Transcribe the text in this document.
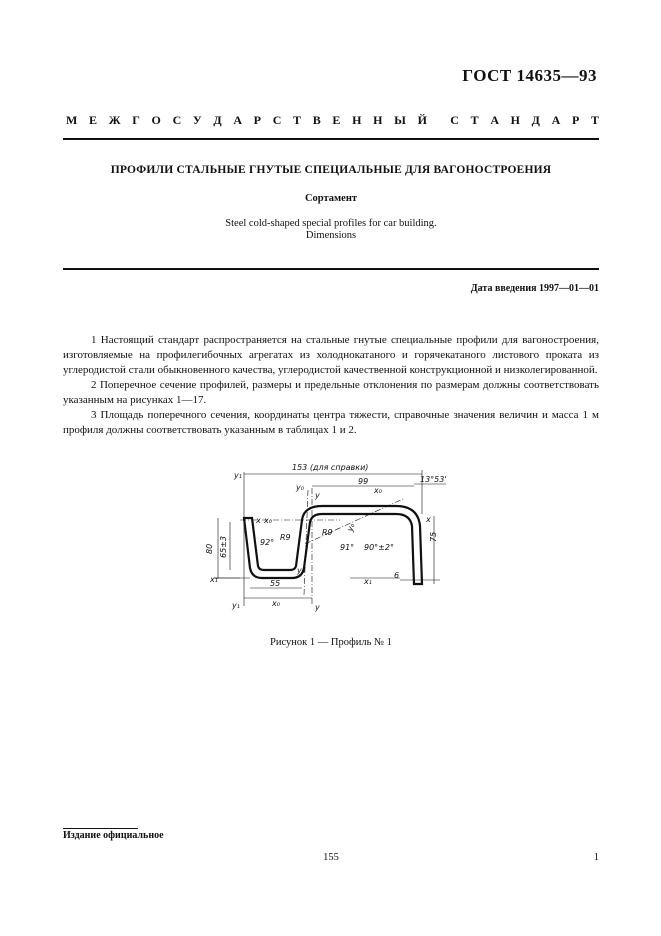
ГОСТ 14635—93
М Е Ж Г О С У Д А Р С Т В Е Н Н Ы Й С Т А Н Д А Р Т
ПРОФИЛИ СТАЛЬНЫЕ ГНУТЫЕ СПЕЦИАЛЬНЫЕ ДЛЯ ВАГОНОСТРОЕНИЯ
Сортамент
Steel cold-shaped special profiles for car building.
Dimensions
Дата введения 1997—01—01

1 Настоящий стандарт распространяется на стальные гнутые специальные профили для вагоностроения, изготовляемые на профилегибочных агрегатах из холоднокатаного и горячекатаного листового проката из углеродистой стали обыкновенного качества, углеродистой качественной конструкционной и низколегированной.

2 Поперечное сечение профилей, размеры и предельные отклонения по размерам должны соответствовать указанным на рисунках 1—17.

3 Площадь поперечного сечения, координаты центра тяжести, справочные значения величин и масса 1 м профиля должны соответствовать указанным в таблицах 1 и 2.

153 (для справки)
99	13°53'
80 65±3	92°
R9
R9
91° 90°±2°
75
55
6
x
x x₀
x₀
x₀
x₁	x₁
y
y
y₀
y₀
y₀
y₁
y₁
Рисунок 1 — Профиль № 1
Издание официальное
155	1
